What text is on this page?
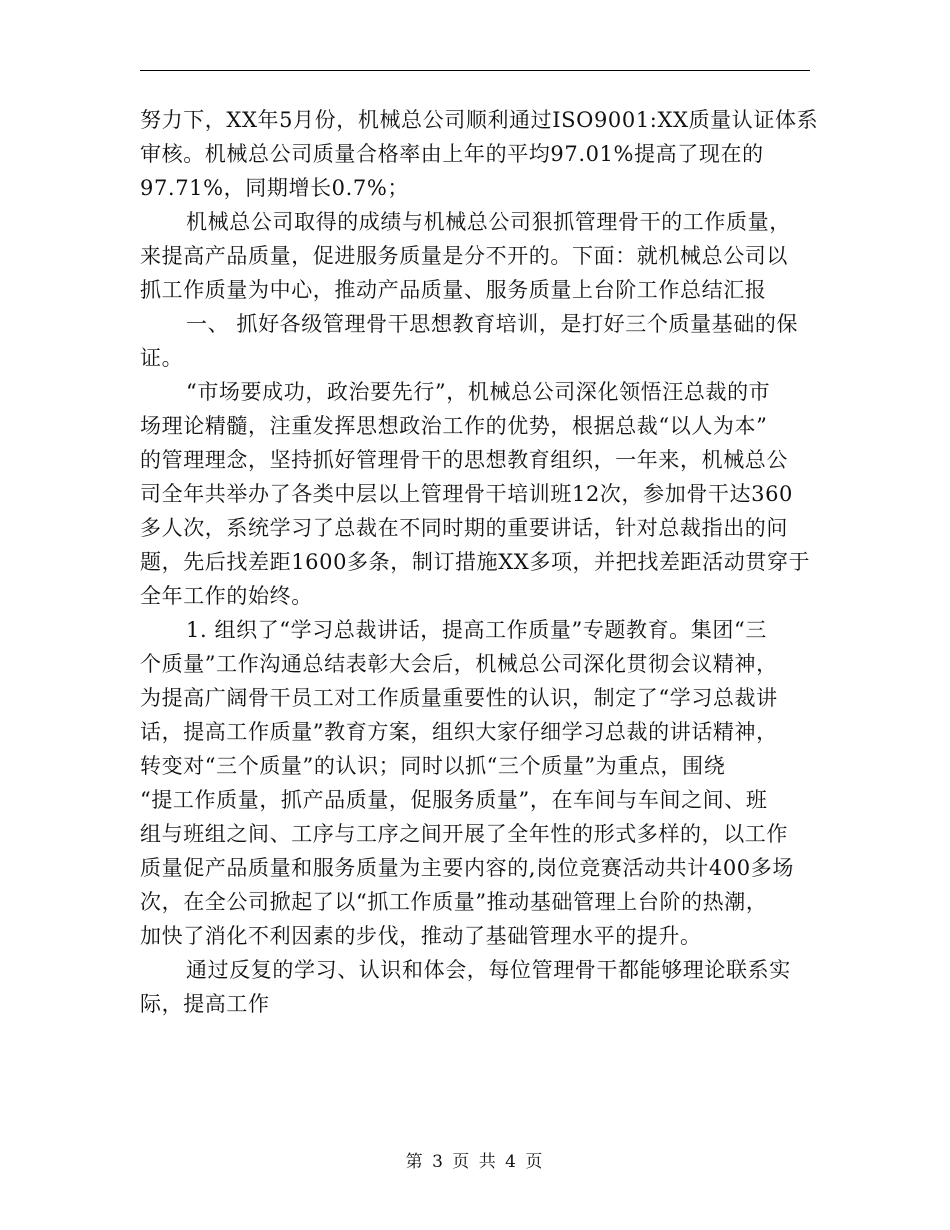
努力下，XX年5月份，机械总公司顺利通过ISO9001:XX质量认证体系
审核。机械总公司质量合格率由上年的平均97.01%提高了现在的
97.71%，同期增长0.7%；
机械总公司取得的成绩与机械总公司狠抓管理骨干的工作质量，
来提高产品质量，促进服务质量是分不开的。下面：就机械总公司以
抓工作质量为中心，推动产品质量、服务质量上台阶工作总结汇报
一、 抓好各级管理骨干思想教育培训，是打好三个质量基础的保
证。
“市场要成功，政治要先行”，机械总公司深化领悟汪总裁的市
场理论精髓，注重发挥思想政治工作的优势，根据总裁“以人为本”
的管理理念，坚持抓好管理骨干的思想教育组织，一年来，机械总公
司全年共举办了各类中层以上管理骨干培训班12次，参加骨干达360
多人次，系统学习了总裁在不同时期的重要讲话，针对总裁指出的问
题，先后找差距1600多条，制订措施XX多项，并把找差距活动贯穿于
全年工作的始终。
1. 组织了“学习总裁讲话，提高工作质量”专题教育。集团“三
个质量”工作沟通总结表彰大会后，机械总公司深化贯彻会议精神，
为提高广阔骨干员工对工作质量重要性的认识，制定了“学习总裁讲
话，提高工作质量”教育方案，组织大家仔细学习总裁的讲话精神，
转变对“三个质量”的认识；同时以抓“三个质量”为重点，围绕
“提工作质量，抓产品质量，促服务质量”，在车间与车间之间、班
组与班组之间、工序与工序之间开展了全年性的形式多样的，以工作
质量促产品质量和服务质量为主要内容的,岗位竞赛活动共计400多场
次，在全公司掀起了以“抓工作质量”推动基础管理上台阶的热潮，
加快了消化不利因素的步伐，推动了基础管理水平的提升。
通过反复的学习、认识和体会，每位管理骨干都能够理论联系实
际，提高工作
第 3 页 共 4 页
